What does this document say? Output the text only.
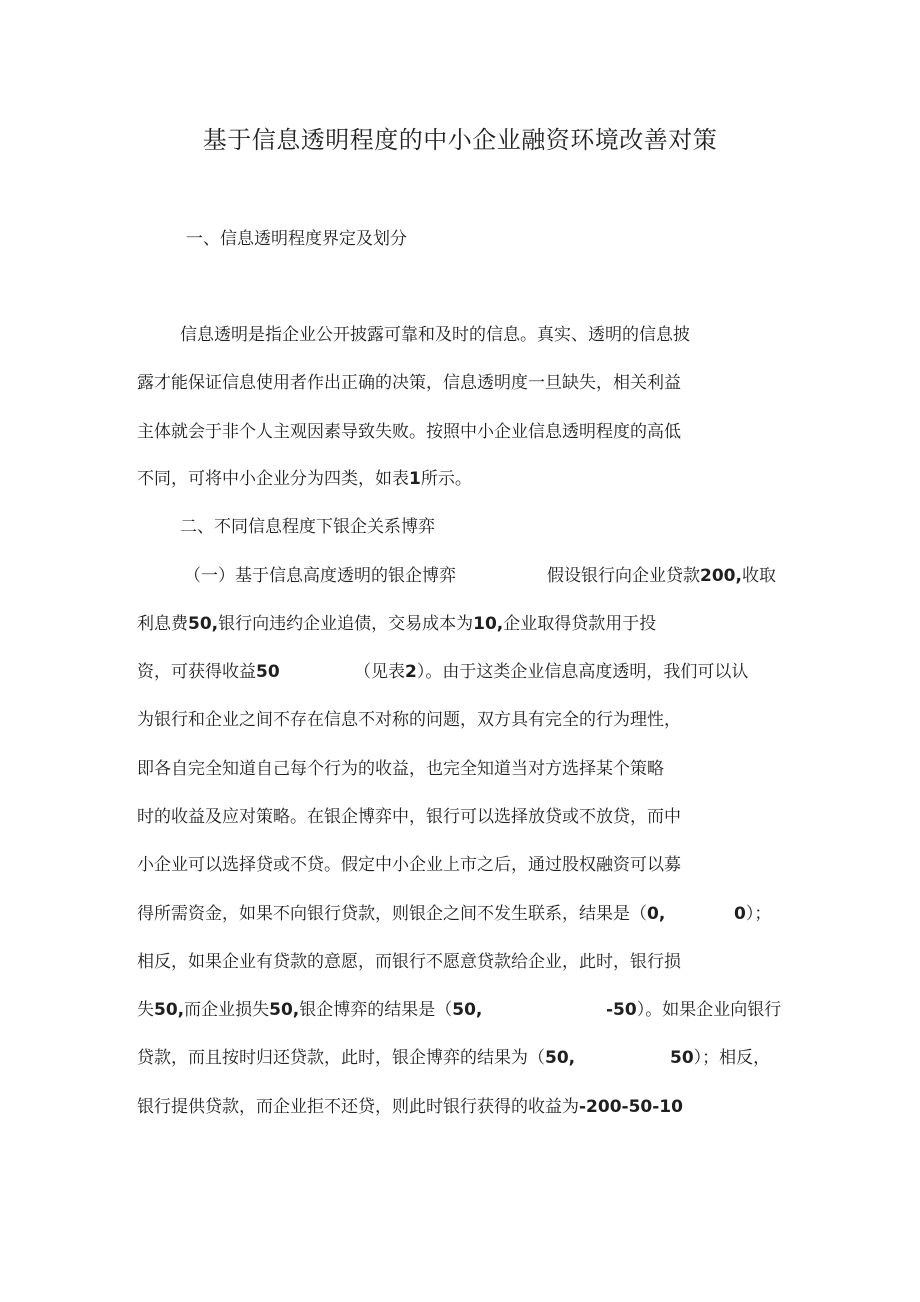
基于信息透明程度的中小企业融资环境改善对策
一、信息透明程度界定及划分
信息透明是指企业公开披露可靠和及时的信息。真实、透明的信息披
露才能保证信息使用者作出正确的决策，信息透明度一旦缺失，相关利益
主体就会于非个人主观因素导致失败。按照中小企业信息透明程度的高低
不同，可将中小企业分为四类，如表1所示。
二、不同信息程度下银企关系博弈
（一）基于信息高度透明的银企博弈	假设银行向企业贷款200,收取
利息费50,银行向违约企业追债，交易成本为10,企业取得贷款用于投
资，可获得收益50	（见表2）。由于这类企业信息高度透明，我们可以认
为银行和企业之间不存在信息不对称的问题，双方具有完全的行为理性，
即各自完全知道自己每个行为的收益，也完全知道当对方选择某个策略
时的收益及应对策略。在银企博弈中，银行可以选择放贷或不放贷，而中
小企业可以选择贷或不贷。假定中小企业上市之后，通过股权融资可以募
得所需资金，如果不向银行贷款，则银企之间不发生联系，结果是（0,	0）；
相反，如果企业有贷款的意愿，而银行不愿意贷款给企业，此时，银行损
失50,而企业损失50,银企博弈的结果是（50,	-50）。如果企业向银行
贷款，而且按时归还贷款，此时，银企博弈的结果为（50,	50）；相反，
银行提供贷款，而企业拒不还贷，则此时银行获得的收益为-200-50-10
